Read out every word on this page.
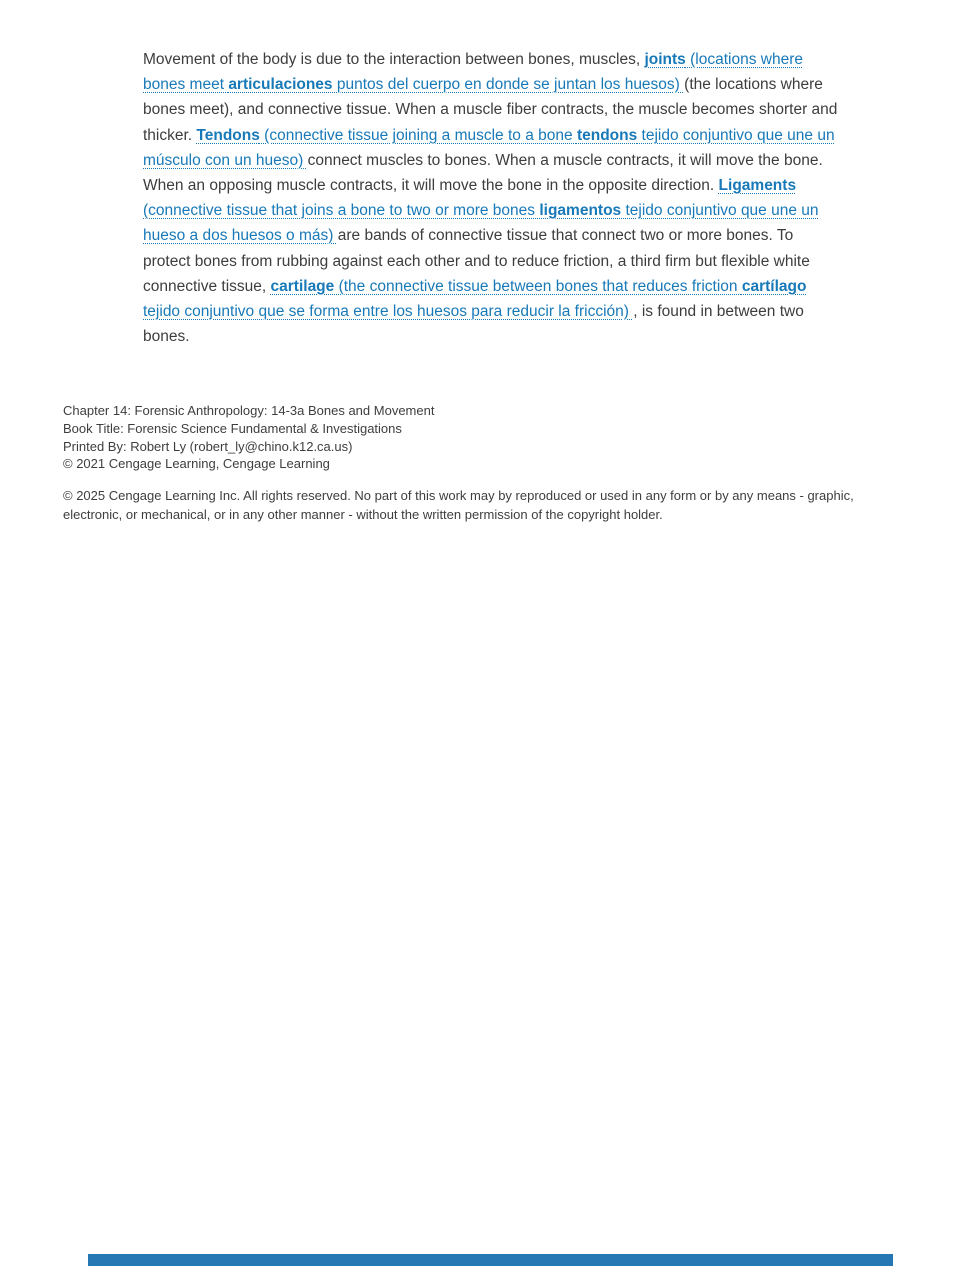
Movement of the body is due to the interaction between bones, muscles, joints (locations where bones meet articulaciones puntos del cuerpo en donde se juntan los huesos) (the locations where bones meet), and connective tissue. When a muscle fiber contracts, the muscle becomes shorter and thicker. Tendons (connective tissue joining a muscle to a bone tendons tejido conjuntivo que une un músculo con un hueso) connect muscles to bones. When a muscle contracts, it will move the bone. When an opposing muscle contracts, it will move the bone in the opposite direction. Ligaments (connective tissue that joins a bone to two or more bones ligamentos tejido conjuntivo que une un hueso a dos huesos o más) are bands of connective tissue that connect two or more bones. To protect bones from rubbing against each other and to reduce friction, a third firm but flexible white connective tissue, cartilage (the connective tissue between bones that reduces friction cartílago tejido conjuntivo que se forma entre los huesos para reducir la fricción) , is found in between two bones.

Chapter 14: Forensic Anthropology: 14-3a Bones and Movement
Book Title: Forensic Science Fundamental & Investigations
Printed By: Robert Ly (robert_ly@chino.k12.ca.us)
© 2021 Cengage Learning, Cengage Learning

© 2025 Cengage Learning Inc. All rights reserved. No part of this work may by reproduced or used in any form or by any means - graphic, electronic, or mechanical, or in any other manner - without the written permission of the copyright holder.
